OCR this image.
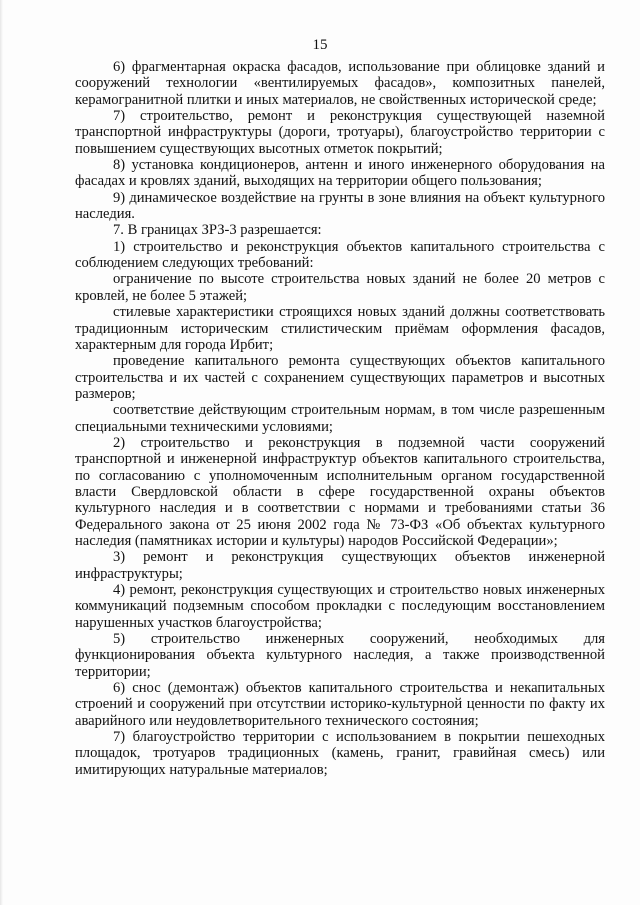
15

6) фрагментарная окраска фасадов, использование при облицовке зданий и сооружений технологии «вентилируемых фасадов», композитных панелей, керамогранитной плитки и иных материалов, не свойственных исторической среде;

7) строительство, ремонт и реконструкция существующей наземной транспортной инфраструктуры (дороги, тротуары), благоустройство территории с повышением существующих высотных отметок покрытий;

8) установка кондиционеров, антенн и иного инженерного оборудования на фасадах и кровлях зданий, выходящих на территории общего пользования;

9) динамическое воздействие на грунты в зоне влияния на объект культурного наследия.

7. В границах ЗРЗ-3 разрешается:

1) строительство и реконструкция объектов капитального строительства с соблюдением следующих требований:

ограничение по высоте строительства новых зданий не более 20 метров с кровлей, не более 5 этажей;

стилевые характеристики строящихся новых зданий должны соответствовать традиционным историческим стилистическим приёмам оформления фасадов, характерным для города Ирбит;

проведение капитального ремонта существующих объектов капитального строительства и их частей с сохранением существующих параметров и высотных размеров;

соответствие действующим строительным нормам, в том числе разрешенным специальными техническими условиями;

2) строительство и реконструкция в подземной части сооружений транспортной и инженерной инфраструктур объектов капитального строительства, по согласованию с уполномоченным исполнительным органом государственной власти Свердловской области в сфере государственной охраны объектов культурного наследия и в соответствии с нормами и требованиями статьи 36 Федерального закона от 25 июня 2002 года № 73-ФЗ «Об объектах культурного наследия (памятниках истории и культуры) народов Российской Федерации»;

3) ремонт и реконструкция существующих объектов инженерной инфраструктуры;

4) ремонт, реконструкция существующих и строительство новых инженерных коммуникаций подземным способом прокладки с последующим восстановлением нарушенных участков благоустройства;

5) строительство инженерных сооружений, необходимых для функционирования объекта культурного наследия, а также производственной территории;

6) снос (демонтаж) объектов капитального строительства и некапитальных строений и сооружений при отсутствии историко-культурной ценности по факту их аварийного или неудовлетворительного технического состояния;

7) благоустройство территории с использованием в покрытии пешеходных площадок, тротуаров традиционных (камень, гранит, гравийная смесь) или имитирующих натуральные материалов;
